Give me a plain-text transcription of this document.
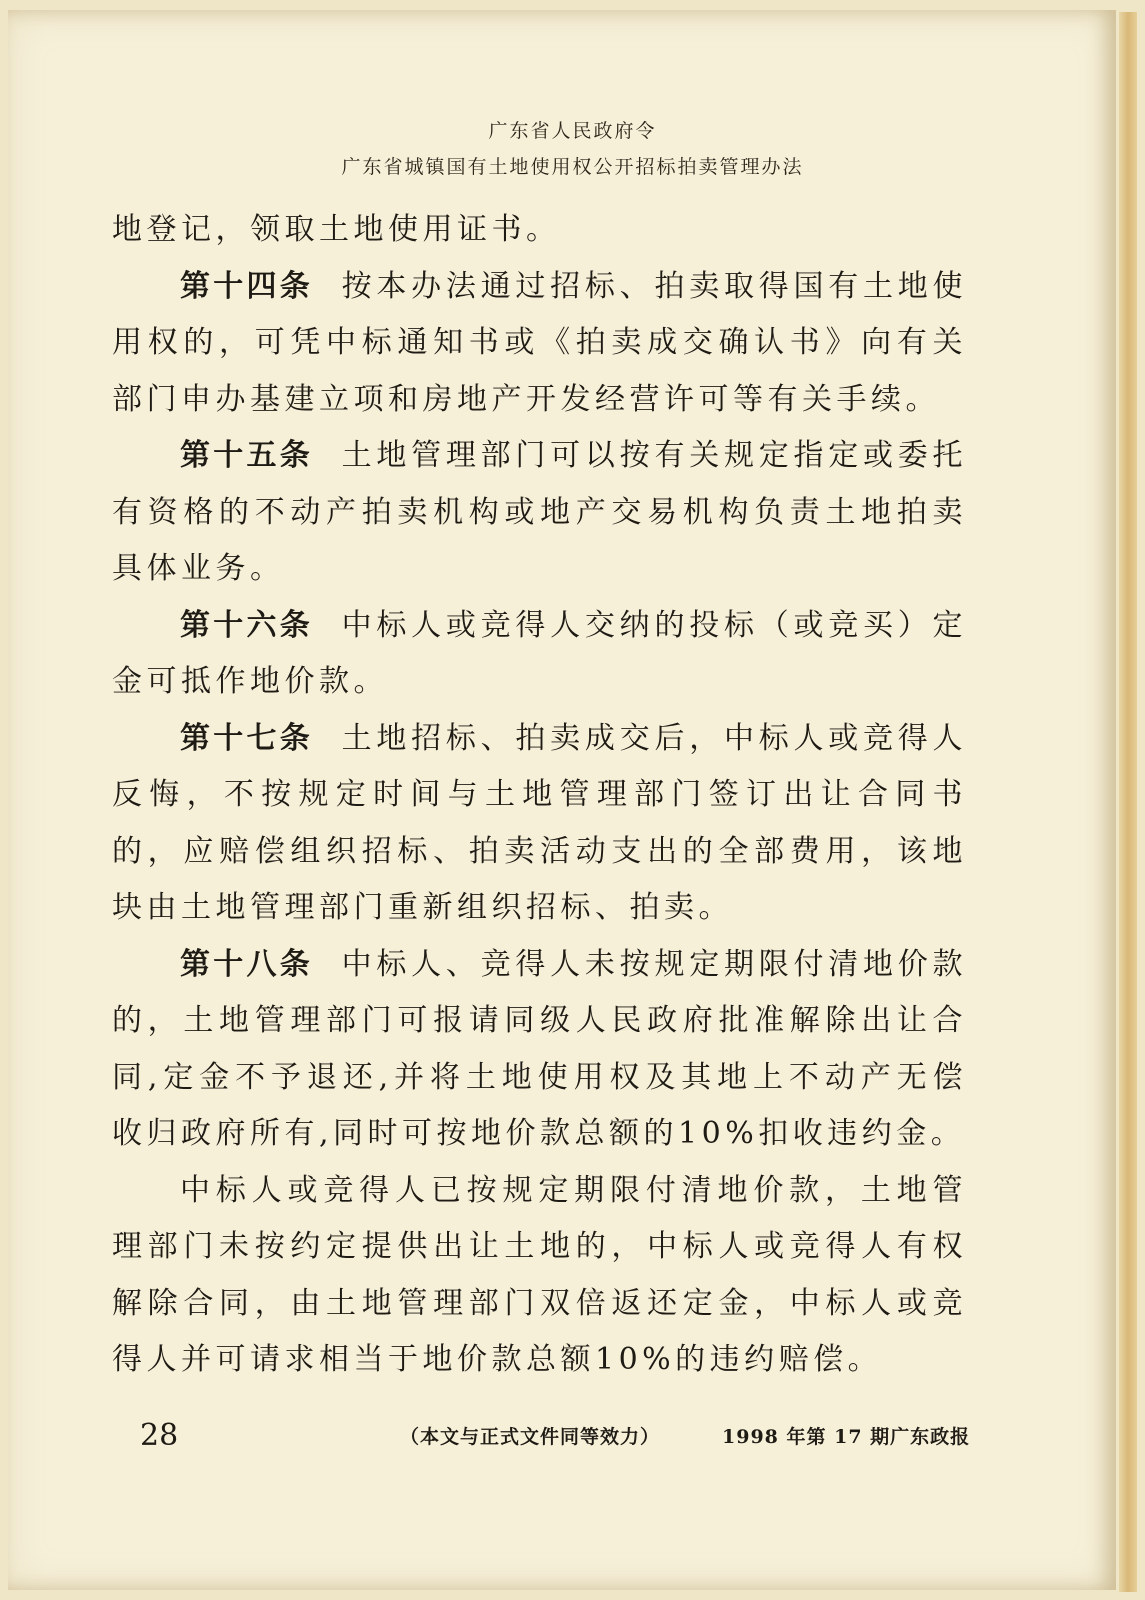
广东省人民政府令
广东省城镇国有土地使用权公开招标拍卖管理办法

地登记，领取土地使用证书。

第十四条 按本办法通过招标、拍卖取得国有土地使用权的，可凭中标通知书或《拍卖成交确认书》向有关部门申办基建立项和房地产开发经营许可等有关手续。

第十五条 土地管理部门可以按有关规定指定或委托有资格的不动产拍卖机构或地产交易机构负责土地拍卖具体业务。

第十六条 中标人或竞得人交纳的投标（或竞买）定金可抵作地价款。

第十七条 土地招标、拍卖成交后，中标人或竞得人反悔，不按规定时间与土地管理部门签订出让合同书的，应赔偿组织招标、拍卖活动支出的全部费用，该地块由土地管理部门重新组织招标、拍卖。

第十八条 中标人、竞得人未按规定期限付清地价款的，土地管理部门可报请同级人民政府批准解除出让合同,定金不予退还,并将土地使用权及其地上不动产无偿收归政府所有,同时可按地价款总额的10%扣收违约金。

中标人或竞得人已按规定期限付清地价款，土地管理部门未按约定提供出让土地的，中标人或竞得人有权解除合同，由土地管理部门双倍返还定金，中标人或竞得人并可请求相当于地价款总额10%的违约赔偿。

28	（本文与正式文件同等效力）	1998 年第 17 期广东政报
